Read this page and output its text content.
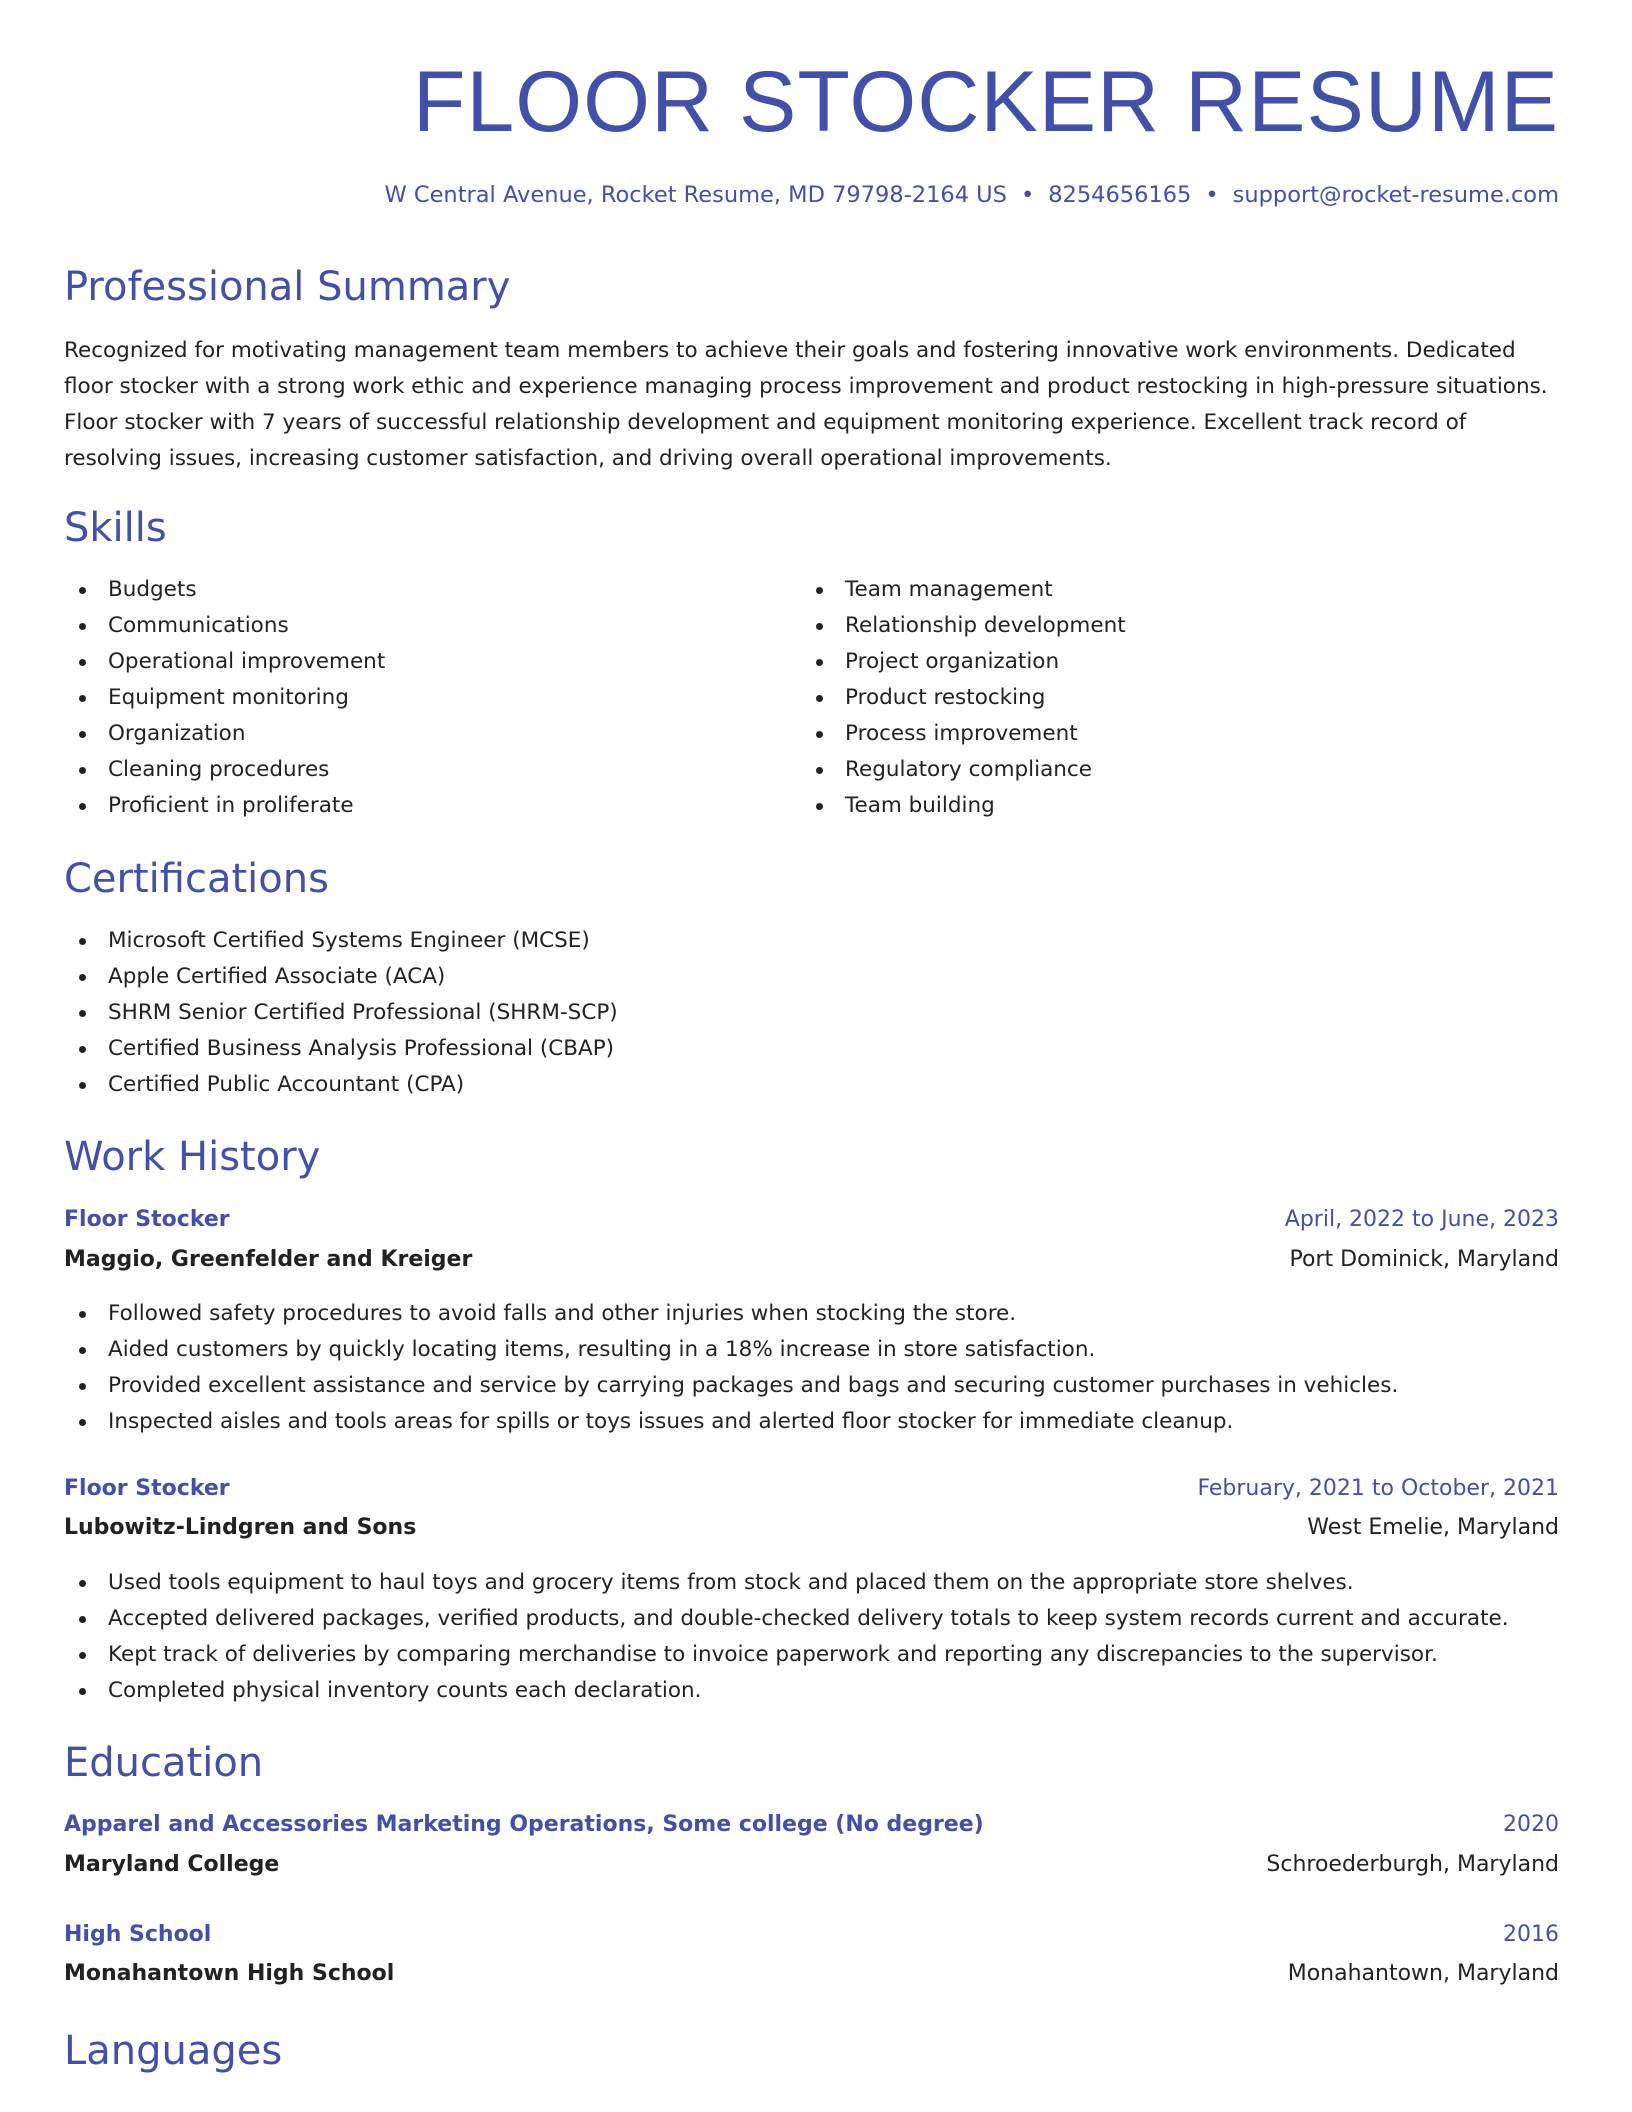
FLOOR STOCKER RESUME
W Central Avenue, Rocket Resume, MD 79798-2164 US • 8254656165 • support@rocket-resume.com
Professional Summary
Recognized for motivating management team members to achieve their goals and fostering innovative work environments. Dedicated floor stocker with a strong work ethic and experience managing process improvement and product restocking in high-pressure situations. Floor stocker with 7 years of successful relationship development and equipment monitoring experience. Excellent track record of resolving issues, increasing customer satisfaction, and driving overall operational improvements.
Skills
Budgets
Communications
Operational improvement
Equipment monitoring
Organization
Cleaning procedures
Proficient in proliferate
Team management
Relationship development
Project organization
Product restocking
Process improvement
Regulatory compliance
Team building
Certifications
Microsoft Certified Systems Engineer (MCSE)
Apple Certified Associate (ACA)
SHRM Senior Certified Professional (SHRM-SCP)
Certified Business Analysis Professional (CBAP)
Certified Public Accountant (CPA)
Work History
Floor Stocker	April, 2022 to June, 2023
Maggio, Greenfelder and Kreiger	Port Dominick, Maryland
Followed safety procedures to avoid falls and other injuries when stocking the store.
Aided customers by quickly locating items, resulting in a 18% increase in store satisfaction.
Provided excellent assistance and service by carrying packages and bags and securing customer purchases in vehicles.
Inspected aisles and tools areas for spills or toys issues and alerted floor stocker for immediate cleanup.
Floor Stocker	February, 2021 to October, 2021
Lubowitz-Lindgren and Sons	West Emelie, Maryland
Used tools equipment to haul toys and grocery items from stock and placed them on the appropriate store shelves.
Accepted delivered packages, verified products, and double-checked delivery totals to keep system records current and accurate.
Kept track of deliveries by comparing merchandise to invoice paperwork and reporting any discrepancies to the supervisor.
Completed physical inventory counts each declaration.
Education
Apparel and Accessories Marketing Operations, Some college (No degree)	2020
Maryland College	Schroederburgh, Maryland
High School	2016
Monahantown High School	Monahantown, Maryland
Languages
